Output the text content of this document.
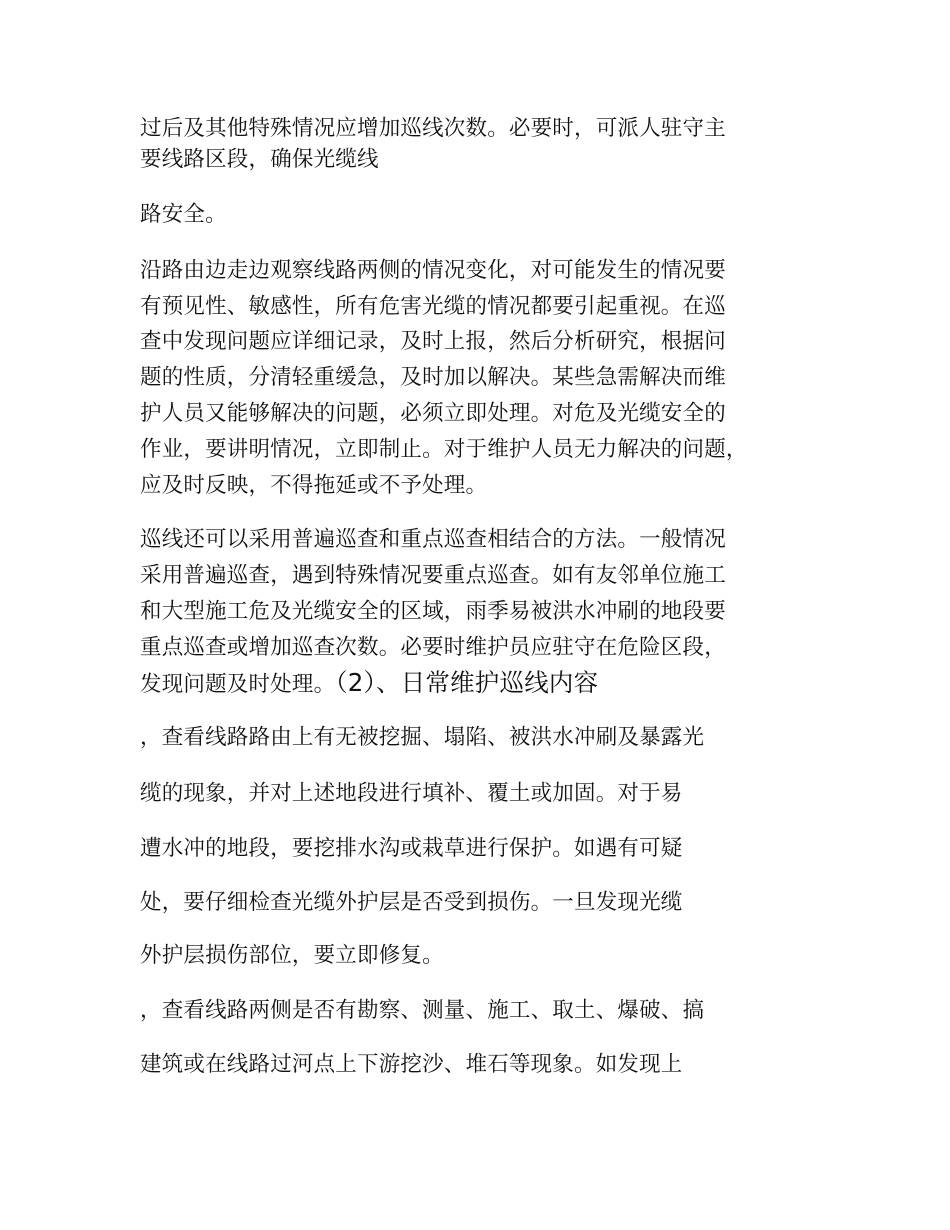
过后及其他特殊情况应增加巡线次数。必要时，可派人驻守主
要线路区段，确保光缆线
路安全。
沿路由边走边观察线路两侧的情况变化，对可能发生的情况要
有预见性、敏感性，所有危害光缆的情况都要引起重视。在巡
查中发现问题应详细记录，及时上报，然后分析研究，根据问
题的性质，分清轻重缓急，及时加以解决。某些急需解决而维
护人员又能够解决的问题，必须立即处理。对危及光缆安全的
作业，要讲明情况，立即制止。对于维护人员无力解决的问题，
应及时反映，不得拖延或不予处理。
巡线还可以采用普遍巡查和重点巡查相结合的方法。一般情况
采用普遍巡查，遇到特殊情况要重点巡查。如有友邻单位施工
和大型施工危及光缆安全的区域，雨季易被洪水冲刷的地段要
重点巡查或增加巡查次数。必要时维护员应驻守在危险区段，
发现问题及时处理。（2）、日常维护巡线内容
，查看线路路由上有无被挖掘、塌陷、被洪水冲刷及暴露光
缆的现象，并对上述地段进行填补、覆土或加固。对于易
遭水冲的地段，要挖排水沟或栽草进行保护。如遇有可疑
处，要仔细检查光缆外护层是否受到损伤。一旦发现光缆
外护层损伤部位，要立即修复。
，查看线路两侧是否有勘察、测量、施工、取土、爆破、搞
建筑或在线路过河点上下游挖沙、堆石等现象。如发现上
